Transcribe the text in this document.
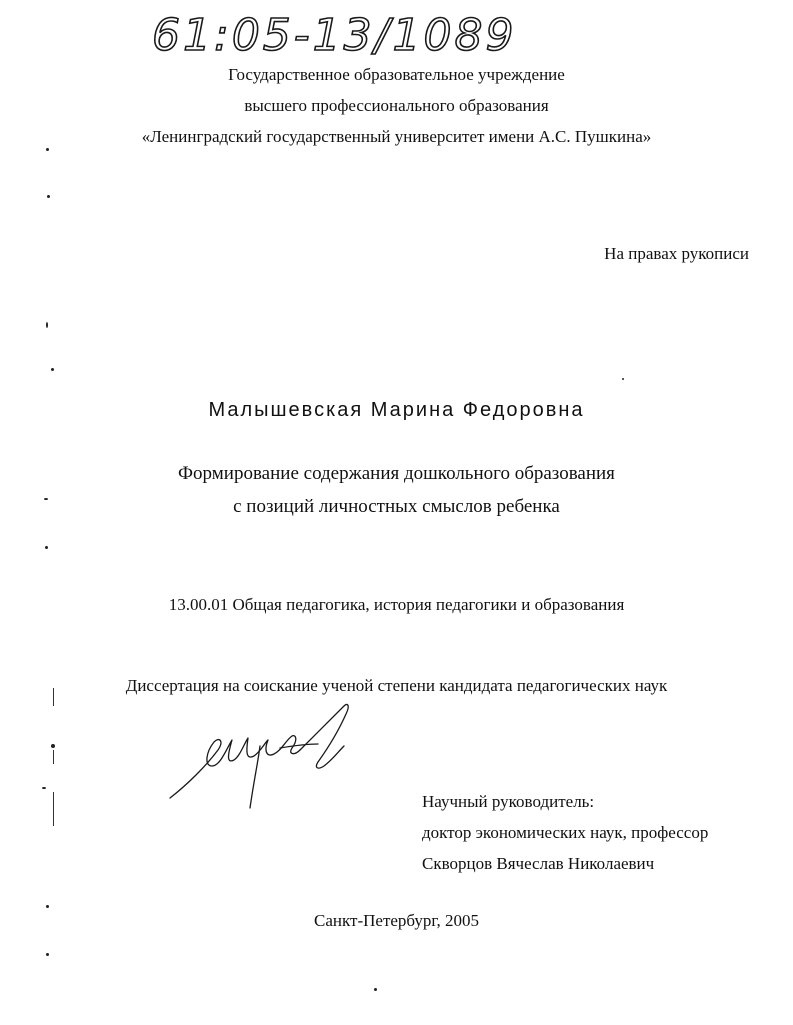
61:05-13/1089
Государственное образовательное учреждение
высшего профессионального образования
«Ленинградский государственный университет имени А.С. Пушкина»
На правах рукописи
Малышевская Марина Федоровна
Формирование содержания дошкольного образования
с позиций личностных смыслов ребенка
13.00.01 Общая педагогика, история педагогики и образования
Диссертация на соискание ученой степени кандидата педагогических наук
Научный руководитель:
доктор экономических наук, профессор
Скворцов Вячеслав Николаевич
Санкт-Петербург, 2005
